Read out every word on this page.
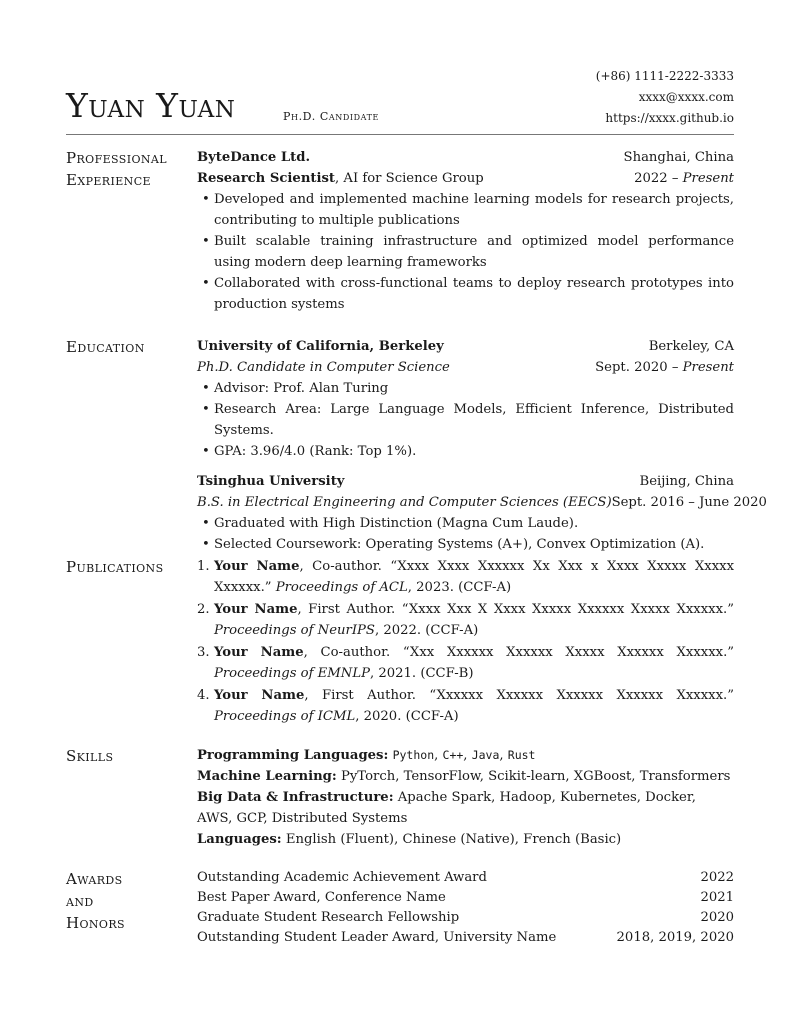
Yuan Yuan	Ph.D. Candidate
(+86) 1111-2222-3333
xxxx@xxxx.com
https://xxxx.github.io
Professional
Experience
ByteDance Ltd.	Shanghai, China
Research Scientist, AI for Science Group	2022 – Present
• Developed and implemented machine learning models for research projects, contributing to multiple publications
• Built scalable training infrastructure and optimized model performance using modern deep learning frameworks
• Collaborated with cross-functional teams to deploy research prototypes into production systems
Education	University of California, Berkeley	Berkeley, CA
Ph.D. Candidate in Computer Science	Sept. 2020 – Present
• Advisor: Prof. Alan Turing
• Research Area: Large Language Models, Efficient Inference, Distributed Systems.
• GPA: 3.96/4.0 (Rank: Top 1%).
Tsinghua University	Beijing, China
B.S. in Electrical Engineering and Computer Sciences (EECS) Sept. 2016 – June 2020
• Graduated with High Distinction (Magna Cum Laude).
• Selected Coursework: Operating Systems (A+), Convex Optimization (A).
Publications	1. Your Name, Co-author. “Xxxx Xxxx Xxxxxx Xx Xxx x Xxxx Xxxxx Xxxxx Xxxxxx.” Proceedings of ACL, 2023. (CCF-A)
2. Your Name, First Author. “Xxxx Xxx X Xxxx Xxxxx Xxxxxx Xxxxx Xxxxxx.” Proceedings of NeurIPS, 2022. (CCF-A)
3. Your Name, Co-author. “Xxx Xxxxxx Xxxxxx Xxxxx Xxxxxx Xxxxxx.” Proceedings of EMNLP, 2021. (CCF-B)
4. Your Name, First Author. “Xxxxxx Xxxxxx Xxxxxx Xxxxxx Xxxxxx.” Proceedings of ICML, 2020. (CCF-A)
Skills	Programming Languages: Python, C++, Java, Rust
Machine Learning: PyTorch, TensorFlow, Scikit-learn, XGBoost, Transformers
Big Data & Infrastructure: Apache Spark, Hadoop, Kubernetes, Docker, AWS, GCP, Distributed Systems
Languages: English (Fluent), Chinese (Native), French (Basic)
Awards
and
Honors
Outstanding Academic Achievement Award	2022
Best Paper Award, Conference Name	2021
Graduate Student Research Fellowship	2020
Outstanding Student Leader Award, University Name	2018, 2019, 2020
